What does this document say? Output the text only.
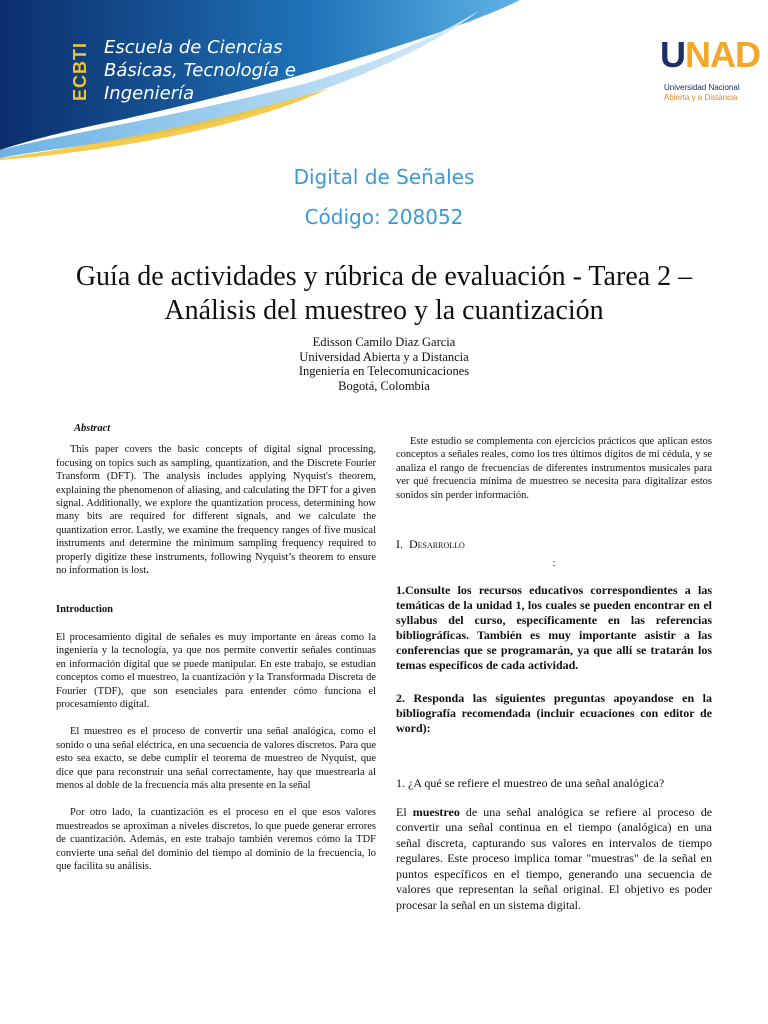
ECBTI Escuela de Ciencias
Básicas, Tecnología e
Ingeniería
UNAD
Universidad Nacional
Abierta y a Distancia
Digital de Señales
Código: 208052
Guía de actividades y rúbrica de evaluación - Tarea 2 – Análisis del muestreo y la cuantización
Edisson Camilo Diaz Garcia
Universidad Abierta y a Distancia
Ingeniería en Telecomunicaciones
Bogotá, Colombia

Abstract

This paper covers the basic concepts of digital signal processing, focusing on topics such as sampling, quantization, and the Discrete Fourier Transform (DFT). The analysis includes applying Nyquist's theorem, explaining the phenomenon of aliasing, and calculating the DFT for a given signal. Additionally, we explore the quantization process, determining how many bits are required for different signals, and we calculate the quantization error. Lastly, we examine the frequency ranges of five musical instruments and determine the minimum sampling frequency required to properly digitize these instruments, following Nyquist’s theorem to ensure no information is lost.

Introduction

El procesamiento digital de señales es muy importante en áreas como la ingeniería y la tecnología, ya que nos permite convertir señales continuas en información digital que se puede manipular. En este trabajo, se estudian conceptos como el muestreo, la cuantización y la Transformada Discreta de Fourier (TDF), que son esenciales para entender cómo funciona el procesamiento digital.

El muestreo es el proceso de convertir una señal analógica, como el sonido o una señal eléctrica, en una secuencia de valores discretos. Para que esto sea exacto, se debe cumplir el teorema de muestreo de Nyquist, que dice que para reconstruir una señal correctamente, hay que muestrearla al menos al doble de la frecuencia más alta presente en la señal

Por otro lado, la cuantización es el proceso en el que esos valores muestreados se aproximan a niveles discretos, lo que puede generar errores de cuantización. Además, en este trabajo también veremos cómo la TDF convierte una señal del dominio del tiempo al dominio de la frecuencia, lo que facilita su análisis.

Este estudio se complementa con ejercicios prácticos que aplican estos conceptos a señales reales, como los tres últimos dígitos de mi cédula, y se analiza el rango de frecuencias de diferentes instrumentos musicales para ver qué frecuencia mínima de muestreo se necesita para digitalizar estos sonidos sin perder información.

I. Desarrollo

:

1.Consulte los recursos educativos correspondientes a las temáticas de la unidad 1, los cuales se pueden encontrar en el syllabus del curso, específicamente en las referencias bibliográficas. También es muy importante asistir a las conferencias que se programarán, ya que allí se tratarán los temas específicos de cada actividad.

2. Responda las siguientes preguntas apoyandose en la bibliografía recomendada (incluir ecuaciones con editor de word):

1. ¿A qué se refiere el muestreo de una señal analógica?

El muestreo de una señal analógica se refiere al proceso de convertir una señal continua en el tiempo (analógica) en una señal discreta, capturando sus valores en intervalos de tiempo regulares. Este proceso implica tomar "muestras" de la señal en puntos específicos en el tiempo, generando una secuencia de valores que representan la señal original. El objetivo es poder procesar la señal en un sistema digital.
